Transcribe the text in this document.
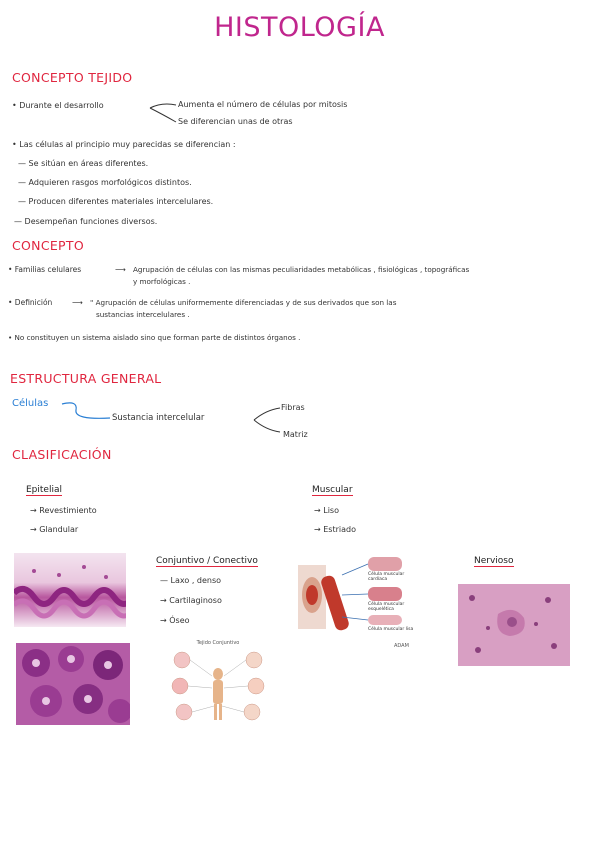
HISTOLOGÍA
CONCEPTO TEJIDO
• Durante el desarrollo	Aumenta el número de células por mitosis
Se diferencian unas de otras
• Las células al principio muy parecidas se diferencian :
— Se sitúan en áreas diferentes.
— Adquieren rasgos morfológicos distintos.
— Producen diferentes materiales intercelulares.
— Desempeñan funciones diversos.
CONCEPTO
• Familias celulares	⟶ Agrupación de células con las mismas peculiaridades metabólicas , fisiológicas , topográficas
y morfológicas .
• Definición	⟶ " Agrupación de células uniformemente diferenciadas y de sus derivados que son las
sustancias intercelulares .
• No constituyen un sistema aislado sino que forman parte de distintos órganos .
ESTRUCTURA GENERAL
Células
Sustancia intercelular
Fibras
Matriz
CLASIFICACIÓN
Epitelial
→ Revestimiento
→ Glandular
Muscular
→ Liso
→ Estriado
Conjuntivo / Conectivo
— Laxo , denso
→ Cartilaginoso
→ Óseo
Nervioso
Tejido Conjuntivo
Célula muscular cardíaca
Célula muscular esquelética
Célula muscular lisa
ADAM
